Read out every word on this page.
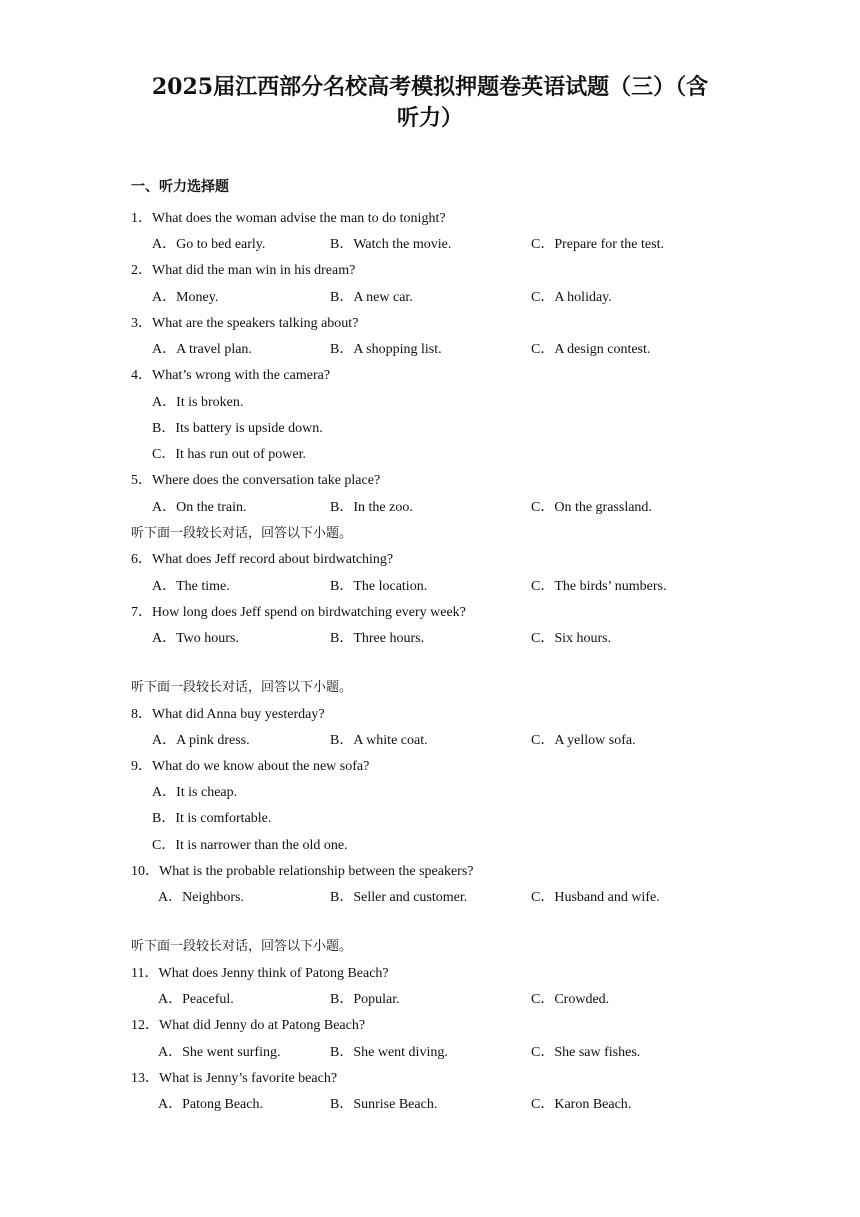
2025届江西部分名校高考模拟押题卷英语试题（三）（含
听力）
一、听力选择题
1．What does the woman advise the man to do tonight?
A．Go to bed early.	B．Watch the movie.	C．Prepare for the test.
2．What did the man win in his dream?
A．Money.	B．A new car.	C．A holiday.
3．What are the speakers talking about?
A．A travel plan.	B．A shopping list.	C．A design contest.
4．What’s wrong with the camera?
A．It is broken.
B．Its battery is upside down.
C．It has run out of power.
5．Where does the conversation take place?
A．On the train.	B．In the zoo.	C．On the grassland.
听下面一段较长对话，回答以下小题。
6．What does Jeff record about birdwatching?
A．The time.	B．The location.	C．The birds’ numbers.
7．How long does Jeff spend on birdwatching every week?
A．Two hours.	B．Three hours.	C．Six hours.
听下面一段较长对话，回答以下小题。
8．What did Anna buy yesterday?
A．A pink dress.	B．A white coat.	C．A yellow sofa.
9．What do we know about the new sofa?
A．It is cheap.
B．It is comfortable.
C．It is narrower than the old one.
10．What is the probable relationship between the speakers?
A．Neighbors.	B．Seller and customer.	C．Husband and wife.
听下面一段较长对话，回答以下小题。
11．What does Jenny think of Patong Beach?
A．Peaceful.	B．Popular.	C．Crowded.
12．What did Jenny do at Patong Beach?
A．She went surfing.	B．She went diving.	C．She saw fishes.
13．What is Jenny’s favorite beach?
A．Patong Beach.	B．Sunrise Beach.	C．Karon Beach.
